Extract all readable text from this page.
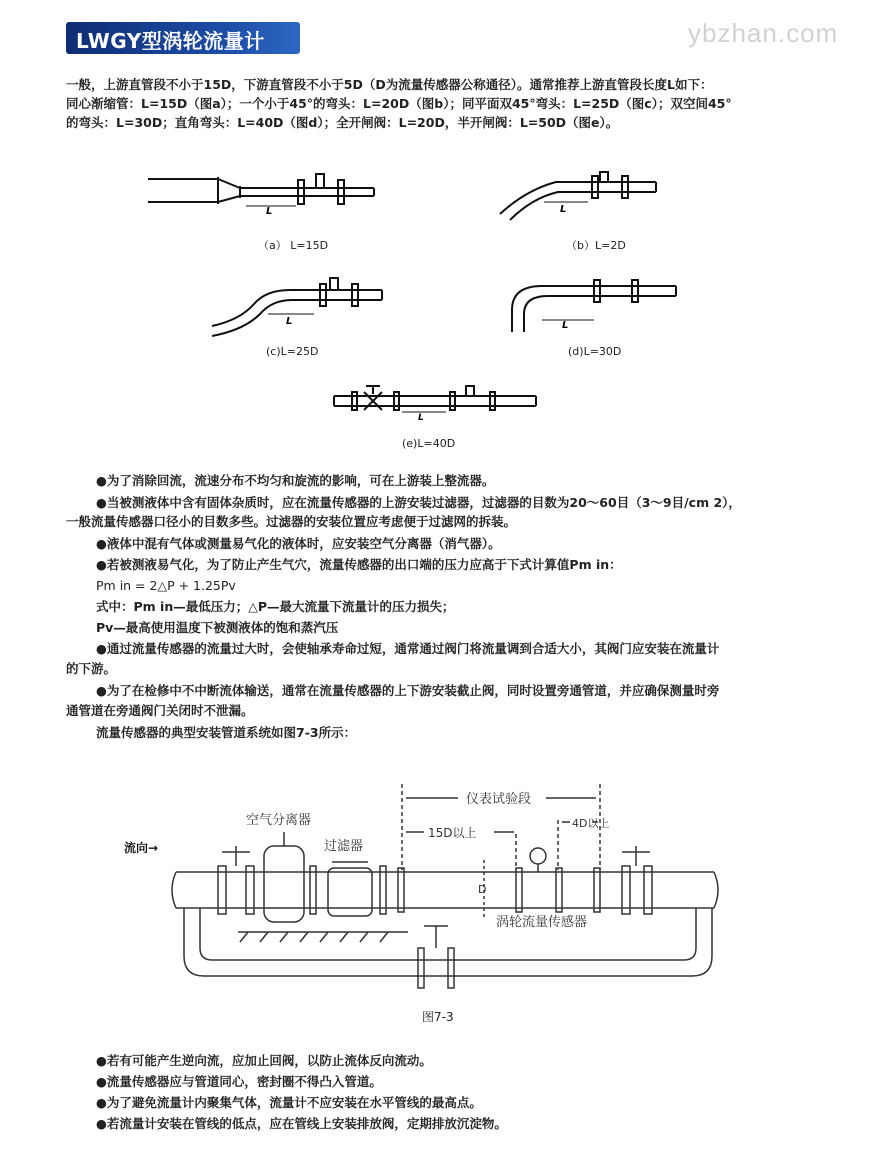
LWGY型涡轮流量计	ybzhan.com
一般，上游直管段不小于15D，下游直管段不小于5D（D为流量传感器公称通径）。通常推荐上游直管段长度L如下：
同心渐缩管：L=15D（图a）；一个小于45°的弯头：L=20D（图b）；同平面双45°弯头：L=25D（图c）；双空间45°
的弯头：L=30D；直角弯头：L=40D（图d）；全开闸阀：L=20D，半开闸阀：L=50D（图e）。
L
（a） L=15D
L
（b）L=2D
L
(c)L=25D
L
(d)L=30D
L
(e)L=40D
●为了消除回流，流速分布不均匀和旋流的影响，可在上游装上整流器。
●当被测液体中含有固体杂质时，应在流量传感器的上游安装过滤器，过滤器的目数为20～60目（3～9目/cm 2），
一般流量传感器口径小的目数多些。过滤器的安装位置应考虑便于过滤网的拆装。
●液体中混有气体或测量易气化的液体时，应安装空气分离器（消气器）。
●若被测液易气化，为了防止产生气穴，流量传感器的出口端的压力应高于下式计算值Pm in：
Pm in = 2△P + 1.25Pv
式中：Pm in—最低压力；△P—最大流量下流量计的压力损失；
Pv—最高使用温度下被测液体的饱和蒸汽压
●通过流量传感器的流量过大时，会使轴承寿命过短，通常通过阀门将流量调到合适大小，其阀门应安装在流量计
的下游。
●为了在检修中不中断流体输送，通常在流量传感器的上下游安装截止阀，同时设置旁通管道，并应确保测量时旁
通管道在旁通阀门关闭时不泄漏。
流量传感器的典型安装管道系统如图7-3所示：
流向→
空气分离器
过滤器
仪表试验段
15D以上
4D以上
D
涡轮流量传感器
图7-3
●若有可能产生逆向流，应加止回阀，以防止流体反向流动。
●流量传感器应与管道同心，密封圈不得凸入管道。
●为了避免流量计内聚集气体，流量计不应安装在水平管线的最高点。
●若流量计安装在管线的低点，应在管线上安装排放阀，定期排放沉淀物。
